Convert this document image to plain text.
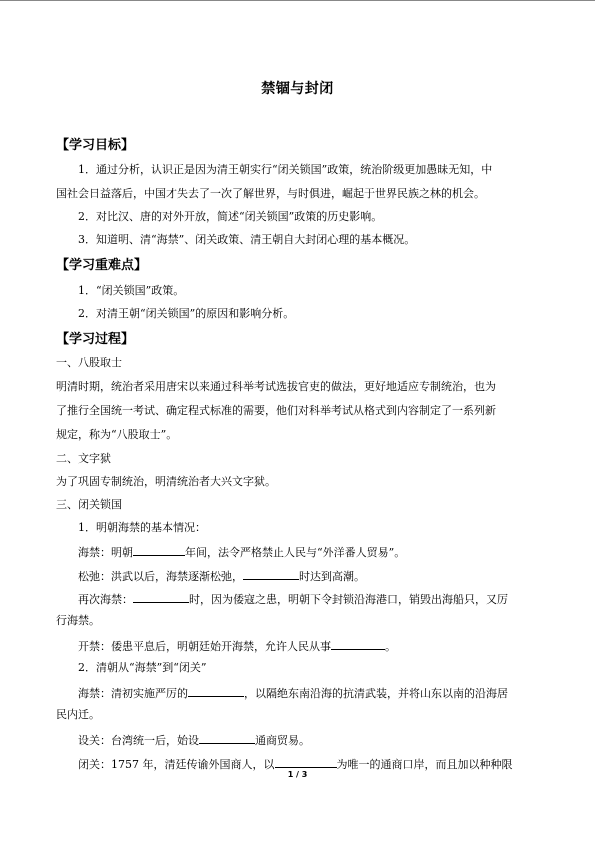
禁锢与封闭
【学习目标】
1．通过分析，认识正是因为清王朝实行“闭关锁国”政策，统治阶级更加愚昧无知，中
国社会日益落后，中国才失去了一次了解世界，与时俱进，崛起于世界民族之林的机会。
2．对比汉、唐的对外开放，简述“闭关锁国”政策的历史影响。
3．知道明、清“海禁”、闭关政策、清王朝自大封闭心理的基本概况。
【学习重难点】
1．“闭关锁国”政策。
2．对清王朝“闭关锁国”的原因和影响分析。
【学习过程】
一、八股取士
明清时期，统治者采用唐宋以来通过科举考试选拔官吏的做法，更好地适应专制统治，也为
了推行全国统一考试、确定程式标准的需要，他们对科举考试从格式到内容制定了一系列新
规定，称为“八股取士”。
二、文字狱
为了巩固专制统治，明清统治者大兴文字狱。
三、闭关锁国
1．明朝海禁的基本情况：
海禁：明朝	年间，法令严格禁止人民与“外洋番人贸易”。
松弛：洪武以后，海禁逐渐松弛，	时达到高潮。
再次海禁：	时，因为倭寇之患，明朝下令封锁沿海港口，销毁出海船只，又厉
行海禁。
开禁：倭患平息后，明朝廷始开海禁，允许人民从事	。
2．清朝从“海禁”到“闭关”
海禁：清初实施严厉的	，以隔绝东南沿海的抗清武装，并将山东以南的沿海居
民内迁。
设关：台湾统一后，始设	通商贸易。
闭关：1757 年，清廷传谕外国商人，以	为唯一的通商口岸，而且加以种种限
1 / 3
